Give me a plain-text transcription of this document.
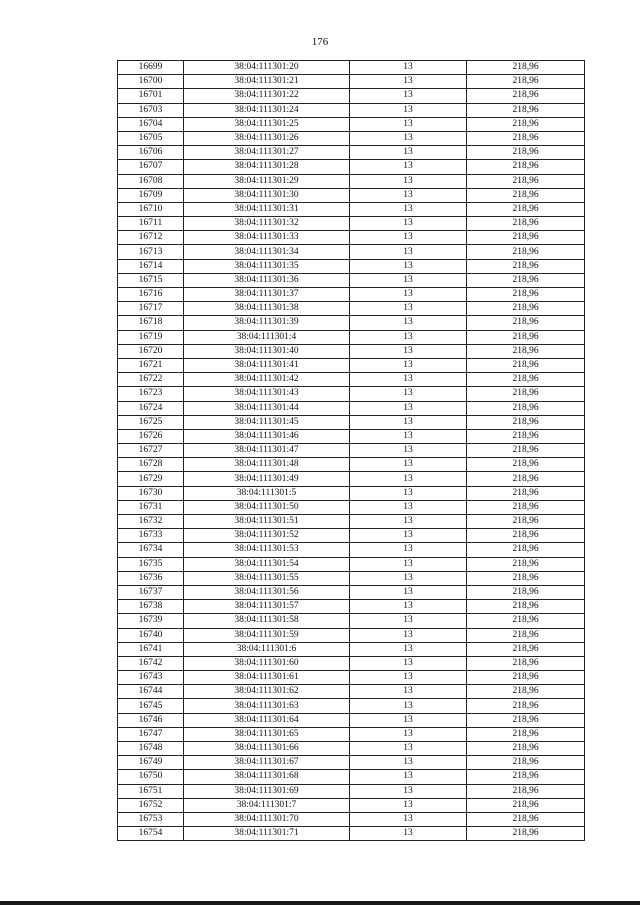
176
16699	38:04:111301:20	13	218,96
16700	38:04:111301:21	13	218,96
16701	38:04:111301:22	13	218,96
16703	38:04:111301:24	13	218,96
16704	38:04:111301:25	13	218,96
16705	38:04:111301:26	13	218,96
16706	38:04:111301:27	13	218,96
16707	38:04:111301:28	13	218,96
16708	38:04:111301:29	13	218,96
16709	38:04:111301:30	13	218,96
16710	38:04:111301:31	13	218,96
16711	38:04:111301:32	13	218,96
16712	38:04:111301:33	13	218,96
16713	38:04:111301:34	13	218,96
16714	38:04:111301:35	13	218,96
16715	38:04:111301:36	13	218,96
16716	38:04:111301:37	13	218,96
16717	38:04:111301:38	13	218,96
16718	38:04:111301:39	13	218,96
16719	38:04:111301:4	13	218,96
16720	38:04:111301:40	13	218,96
16721	38:04:111301:41	13	218,96
16722	38:04:111301:42	13	218,96
16723	38:04:111301:43	13	218,96
16724	38:04:111301:44	13	218,96
16725	38:04:111301:45	13	218,96
16726	38:04:111301:46	13	218,96
16727	38:04:111301:47	13	218,96
16728	38:04:111301:48	13	218,96
16729	38:04:111301:49	13	218,96
16730	38:04:111301:5	13	218,96
16731	38:04:111301:50	13	218,96
16732	38:04:111301:51	13	218,96
16733	38:04:111301:52	13	218,96
16734	38:04:111301:53	13	218,96
16735	38:04:111301:54	13	218,96
16736	38:04:111301:55	13	218,96
16737	38:04:111301:56	13	218,96
16738	38:04:111301:57	13	218,96
16739	38:04:111301:58	13	218,96
16740	38:04:111301:59	13	218,96
16741	38:04:111301:6	13	218,96
16742	38:04:111301:60	13	218,96
16743	38:04:111301:61	13	218,96
16744	38:04:111301:62	13	218,96
16745	38:04:111301:63	13	218,96
16746	38:04:111301:64	13	218,96
16747	38:04:111301:65	13	218,96
16748	38:04:111301:66	13	218,96
16749	38:04:111301:67	13	218,96
16750	38:04:111301:68	13	218,96
16751	38:04:111301:69	13	218,96
16752	38:04:111301:7	13	218,96
16753	38:04:111301:70	13	218,96
16754	38:04:111301:71	13	218,96
